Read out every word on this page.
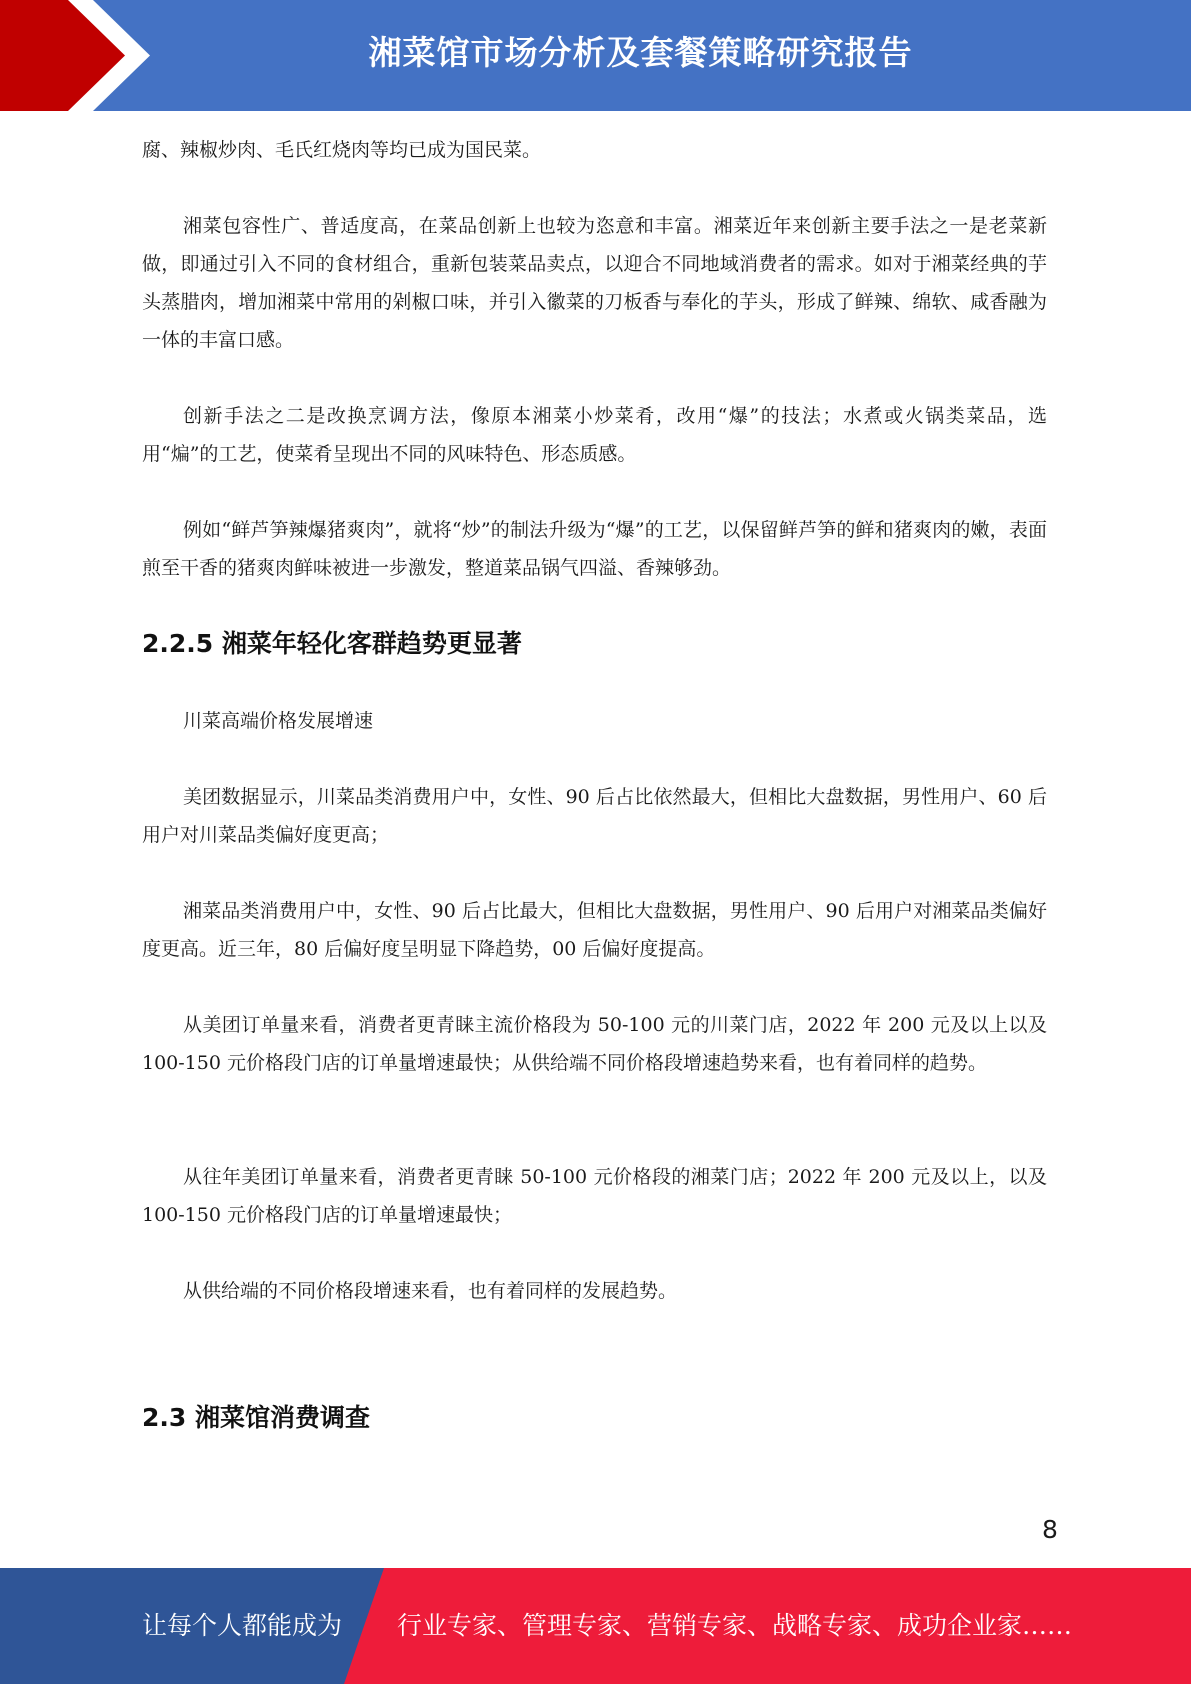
湘菜馆市场分析及套餐策略研究报告

腐、辣椒炒肉、毛氏红烧肉等均已成为国民菜。

湘菜包容性广、普适度高，在菜品创新上也较为恣意和丰富。湘菜近年来创新主要手法之一是老菜新做，即通过引入不同的食材组合，重新包装菜品卖点，以迎合不同地域消费者的需求。如对于湘菜经典的芋头蒸腊肉，增加湘菜中常用的剁椒口味，并引入徽菜的刀板香与奉化的芋头，形成了鲜辣、绵软、咸香融为一体的丰富口感。

创新手法之二是改换烹调方法，像原本湘菜小炒菜肴，改用“爆”的技法；水煮或火锅类菜品，选用“煸”的工艺，使菜肴呈现出不同的风味特色、形态质感。

例如“鲜芦笋辣爆猪爽肉”，就将“炒”的制法升级为“爆”的工艺，以保留鲜芦笋的鲜和猪爽肉的嫩，表面煎至干香的猪爽肉鲜味被进一步激发，整道菜品锅气四溢、香辣够劲。

2.2.5 湘菜年轻化客群趋势更显著

川菜高端价格发展增速

美团数据显示，川菜品类消费用户中，女性、90 后占比依然最大，但相比大盘数据，男性用户、60 后用户对川菜品类偏好度更高；

湘菜品类消费用户中，女性、90 后占比最大，但相比大盘数据，男性用户、90 后用户对湘菜品类偏好度更高。近三年，80 后偏好度呈明显下降趋势，00 后偏好度提高。

从美团订单量来看，消费者更青睐主流价格段为 50-100 元的川菜门店，2022 年 200 元及以上以及 100-150 元价格段门店的订单量增速最快；从供给端不同价格段增速趋势来看，也有着同样的趋势。

从往年美团订单量来看，消费者更青睐 50-100 元价格段的湘菜门店；2022 年 200 元及以上，以及 100-150 元价格段门店的订单量增速最快；

从供给端的不同价格段增速来看，也有着同样的发展趋势。

2.3 湘菜馆消费调查
8
让每个人都能成为 行业专家、管理专家、营销专家、战略专家、成功企业家……
